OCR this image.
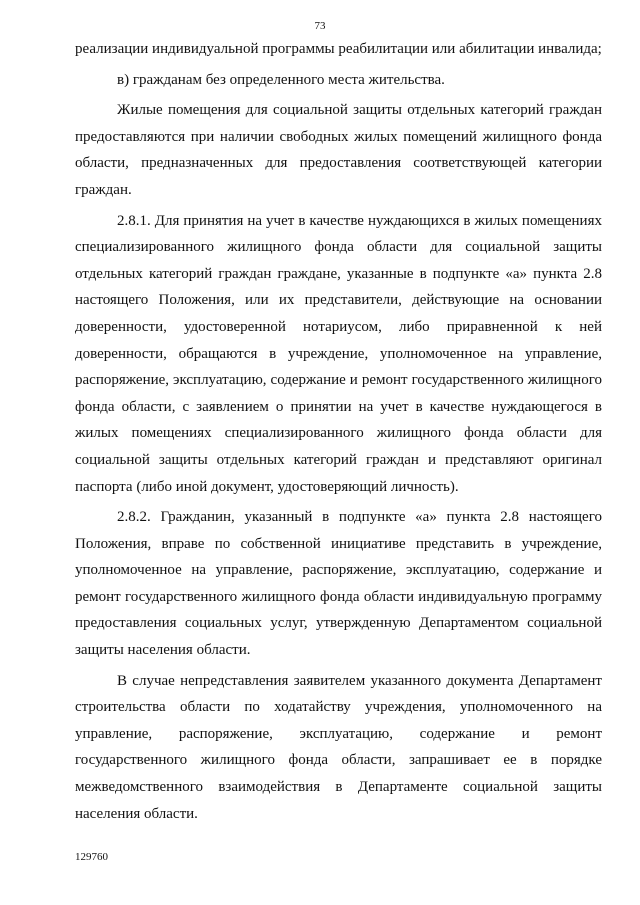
73

реализации индивидуальной программы реабилитации или абилитации инвалида;

в) гражданам без определенного места жительства.

Жилые помещения для социальной защиты отдельных категорий граждан предоставляются при наличии свободных жилых помещений жилищного фонда области, предназначенных для предоставления соответствующей категории граждан.

2.8.1. Для принятия на учет в качестве нуждающихся в жилых помещениях специализированного жилищного фонда области для социальной защиты отдельных категорий граждан граждане, указанные в подпункте «а» пункта 2.8 настоящего Положения, или их представители, действующие на основании доверенности, удостоверенной нотариусом, либо приравненной к ней доверенности, обращаются в учреждение, уполномоченное на управление, распоряжение, эксплуатацию, содержание и ремонт государственного жилищного фонда области, с заявлением о принятии на учет в качестве нуждающегося в жилых помещениях специализированного жилищного фонда области для социальной защиты отдельных категорий граждан и представляют оригинал паспорта (либо иной документ, удостоверяющий личность).

2.8.2. Гражданин, указанный в подпункте «а» пункта 2.8 настоящего Положения, вправе по собственной инициативе представить в учреждение, уполномоченное на управление, распоряжение, эксплуатацию, содержание и ремонт государственного жилищного фонда области индивидуальную программу предоставления социальных услуг, утвержденную Департаментом социальной защиты населения области.

В случае непредставления заявителем указанного документа Департамент строительства области по ходатайству учреждения, уполномоченного на управление, распоряжение, эксплуатацию, содержание и ремонт государственного жилищного фонда области, запрашивает ее в порядке межведомственного взаимодействия в Департаменте социальной защиты населения области.

129760
